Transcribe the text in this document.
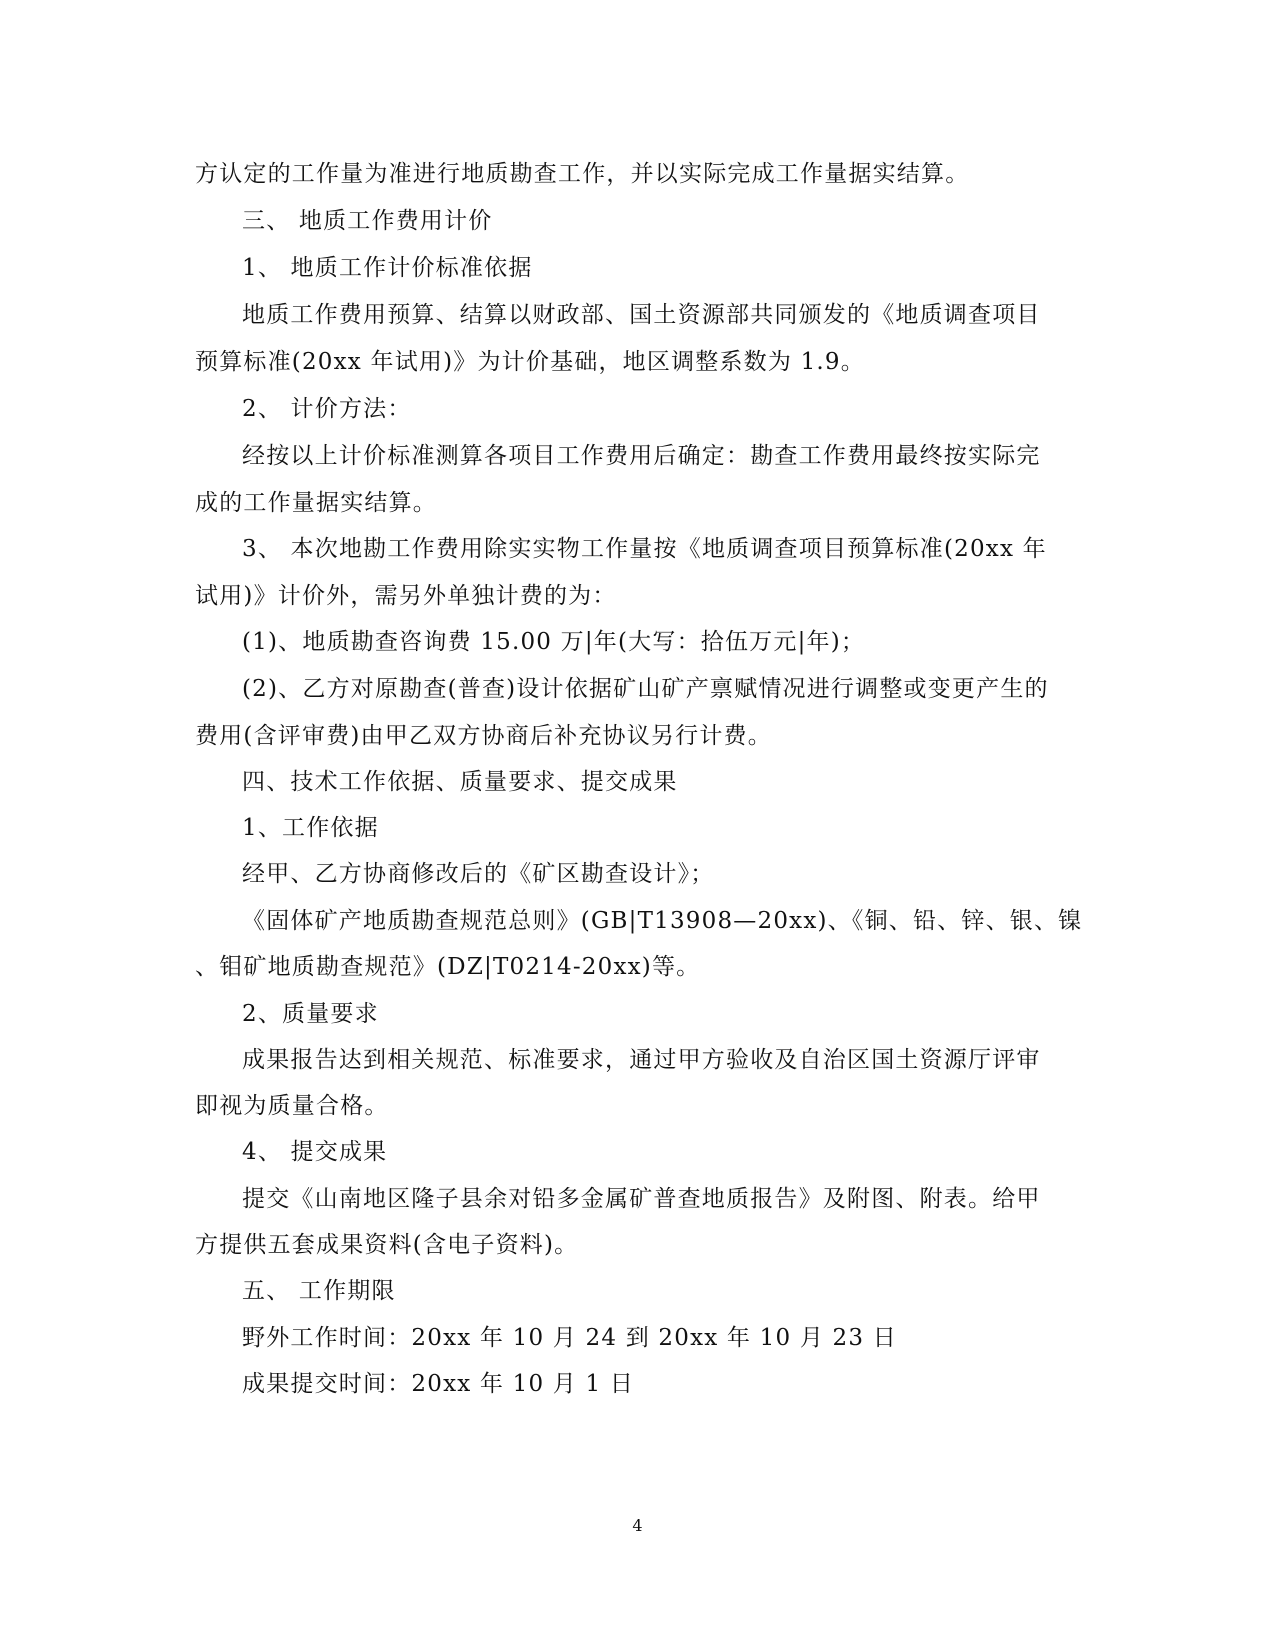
方认定的工作量为准进行地质勘查工作，并以实际完成工作量据实结算。
三、 地质工作费用计价
1、 地质工作计价标准依据
地质工作费用预算、结算以财政部、国土资源部共同颁发的《地质调查项目
预算标准(20xx 年试用)》为计价基础，地区调整系数为 1.9。
2、 计价方法：
经按以上计价标准测算各项目工作费用后确定：勘查工作费用最终按实际完
成的工作量据实结算。
3、 本次地勘工作费用除实实物工作量按《地质调查项目预算标准(20xx 年
试用)》计价外，需另外单独计费的为：
(1)、地质勘查咨询费 15.00 万|年(大写：拾伍万元|年)；
(2)、乙方对原勘查(普查)设计依据矿山矿产禀赋情况进行调整或变更产生的
费用(含评审费)由甲乙双方协商后补充协议另行计费。
四、技术工作依据、质量要求、提交成果
1、工作依据
经甲、乙方协商修改后的《矿区勘查设计》；
《固体矿产地质勘查规范总则》(GB|T13908—20xx)、《铜、铅、锌、银、镍
、钼矿地质勘查规范》(DZ|T0214-20xx)等。
2、质量要求
成果报告达到相关规范、标准要求，通过甲方验收及自治区国土资源厅评审
即视为质量合格。
4、 提交成果
提交《山南地区隆子县余对铅多金属矿普查地质报告》及附图、附表。给甲
方提供五套成果资料(含电子资料)。
五、 工作期限
野外工作时间：20xx 年 10 月 24 到 20xx 年 10 月 23 日
成果提交时间：20xx 年 10 月 1 日
4
